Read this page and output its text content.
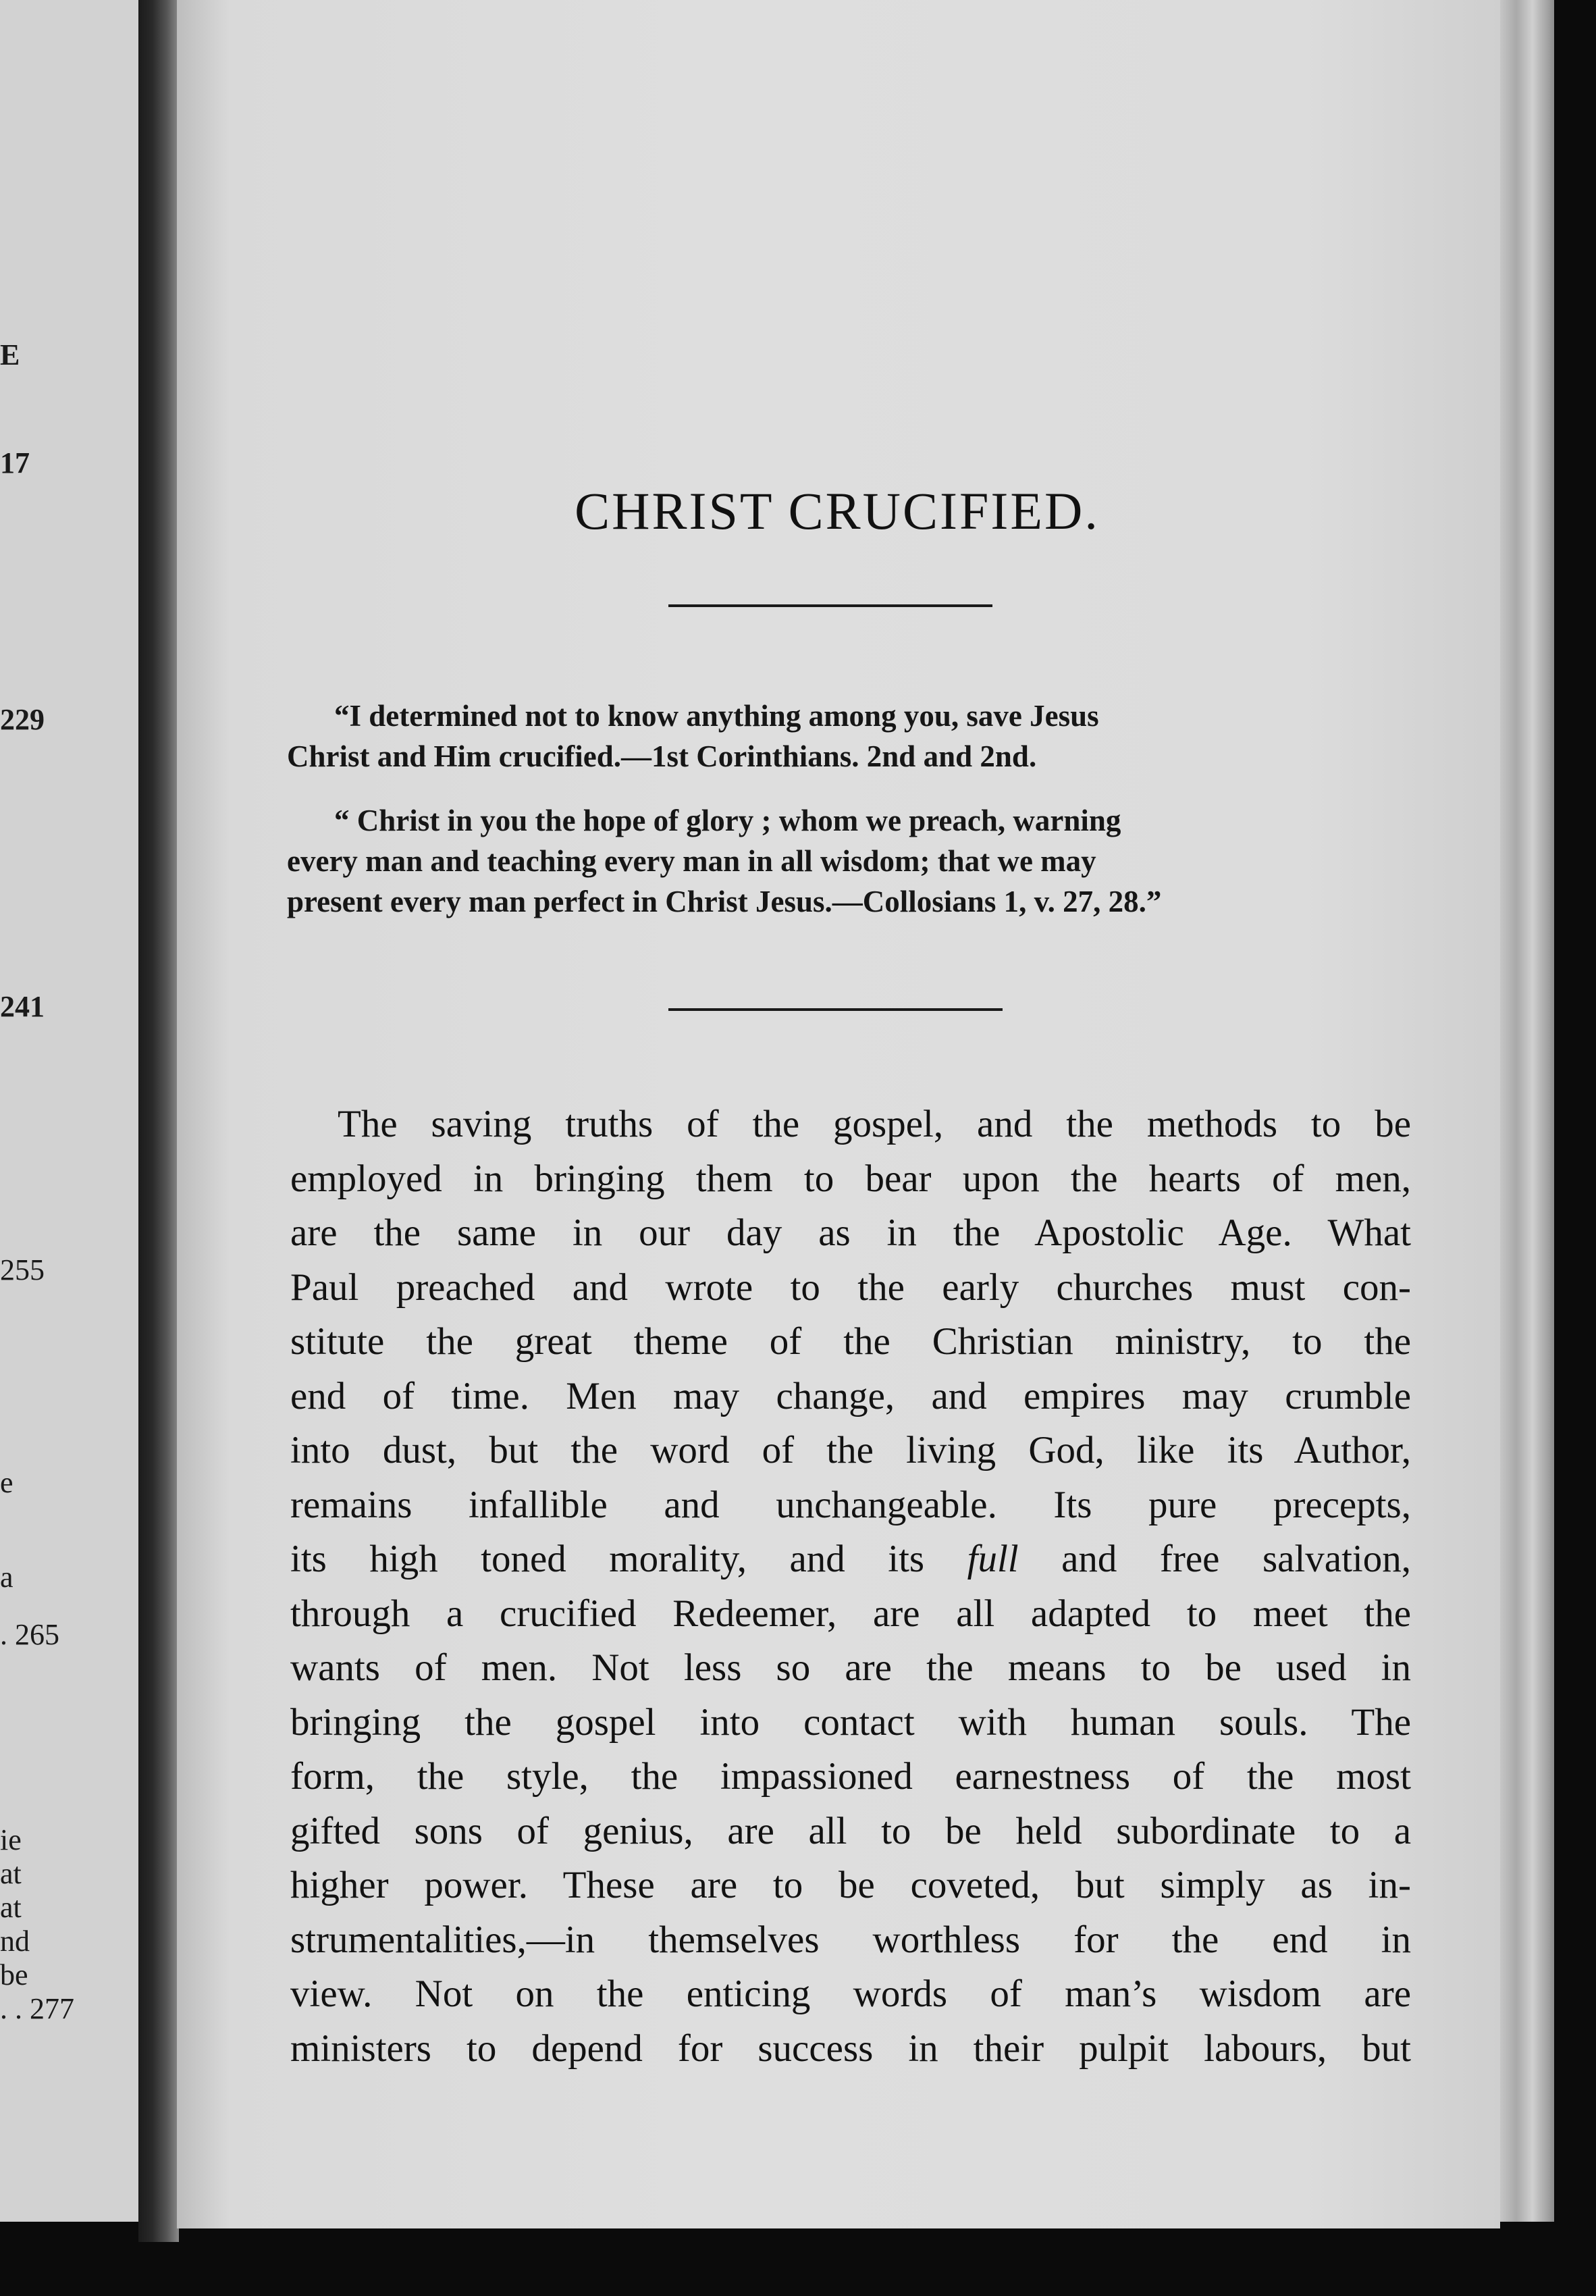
E
17
229
241
255
e
a
. 265
ie
at
at
nd
be
. . 277
CHRIST CRUCIFIED.
“I determined not to know anything among you, save Jesus
Christ and Him crucified.—1st Corinthians. 2nd and 2nd.
“ Christ in you the hope of glory ; whom we preach, warning
every man and teaching every man in all wisdom; that we may
present every man perfect in Christ Jesus.—Collosians 1, v. 27, 28.”
The saving truths of the gospel, and the methods to be
employed in bringing them to bear upon the hearts of men,
are the same in our day as in the Apostolic Age. What
Paul preached and wrote to the early churches must con-
stitute the great theme of the Christian ministry, to the
end of time. Men may change, and empires may crumble
into dust, but the word of the living God, like its Author,
remains infallible and unchangeable. Its pure precepts,
its high toned morality, and its full and free salvation,
through a crucified Redeemer, are all adapted to meet the
wants of men. Not less so are the means to be used in
bringing the gospel into contact with human souls. The
form, the style, the impassioned earnestness of the most
gifted sons of genius, are all to be held subordinate to a
higher power. These are to be coveted, but simply as in-
strumentalities,—in themselves worthless for the end in
view. Not on the enticing words of man’s wisdom are
ministers to depend for success in their pulpit labours, but
